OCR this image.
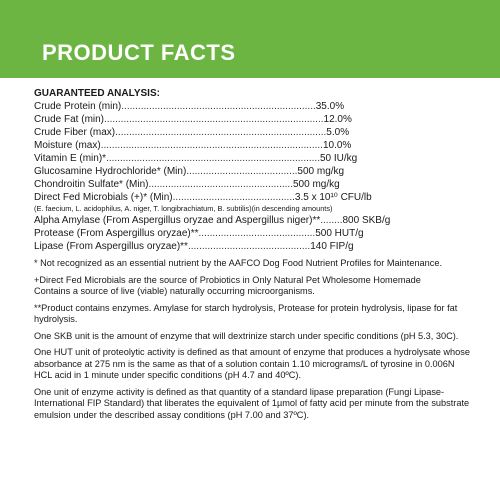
PRODUCT FACTS
GUARANTEED ANALYSIS:
Crude Protein (min) ...................................................................... 35.0%
Crude Fat (min) ............................................................................... 12.0%
Crude Fiber (max) ............................................................................ 5.0%
Moisture (max) ................................................................................ 10.0%
Vitamin E (min)* ............................................................................. 50 IU/kg
Glucosamine Hydrochloride* (Min) ........................................ 500 mg/kg
Chondroitin Sulfate* (Min) .................................................... 500 mg/kg
Direct Fed Microbials (+)* (Min) ............................................ 3.5 x 10¹⁰ CFU/lb
(E. faecium, L. acidophilus, A. niger, T. longibrachiatum, B. subtilis)(in descending amounts)
Alpha Amylase (From Aspergillus oryzae and Aspergillus niger)** ........ 800 SKB/g
Protease (From Aspergillus oryzae)** .......................................... 500 HUT/g
Lipase (From Aspergillus oryzae)** ............................................ 140 FIP/g

* Not recognized as an essential nutrient by the AAFCO Dog Food Nutrient Profiles for Maintenance.

+Direct Fed Microbials are the source of Probiotics in Only Natural Pet Wholesome Homemade

Contains a source of live (viable) naturally occurring microorganisms.

**Product contains enzymes. Amylase for starch hydrolysis, Protease for protein hydrolysis, lipase for fat hydrolysis.

One SKB unit is the amount of enzyme that will dextrinize starch under specific conditions (pH 5.3, 30C).

One HUT unit of proteolytic activity is defined as that amount of enzyme that produces a hydrolysate whose absorbance at 275 nm is the same as that of a solution contain 1.10 micrograms/L of tyrosine in 0.006N HCL acid in 1 minute under specific conditions (pH 4.7 and 40ºC).

One unit of enzyme activity is defined as that quantity of a standard lipase preparation (Fungi Lipase-International FIP Standard) that liberates the equivalent of 1µmol of fatty acid per minute from the substrate emulsion under the described assay conditions (pH 7.00 and 37ºC).
